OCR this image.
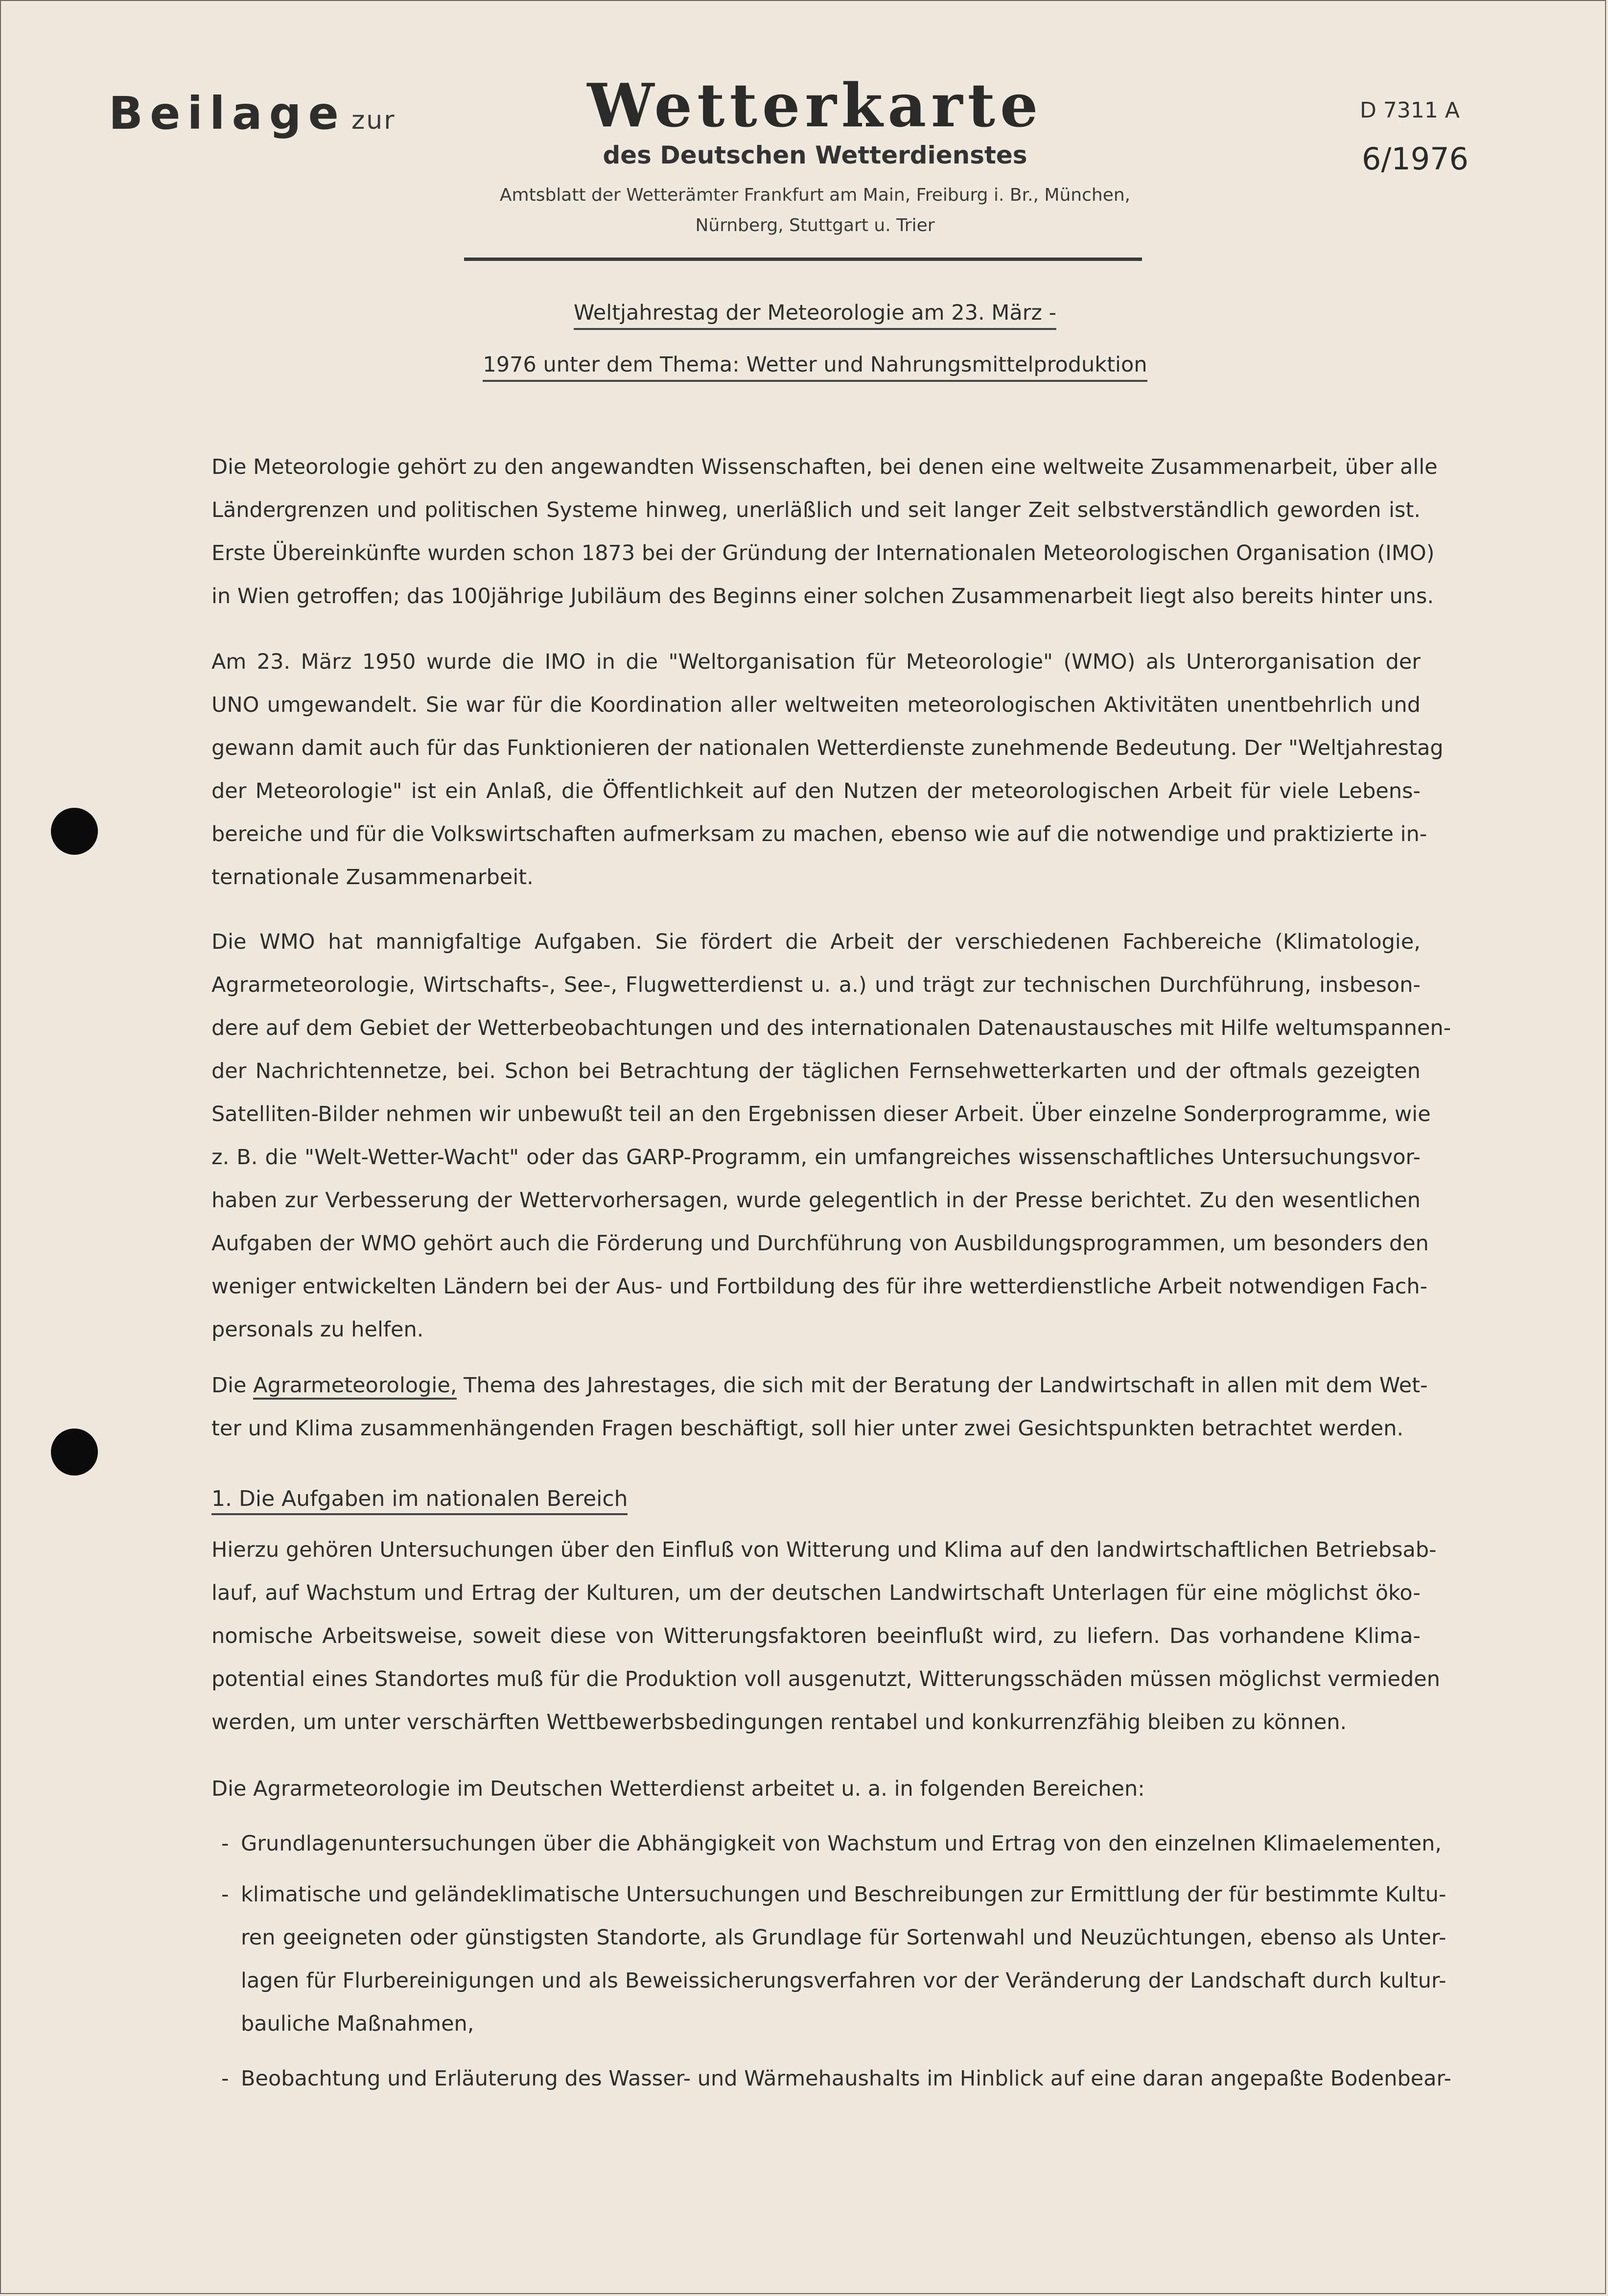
Beilage zur	Wetterkarte
des Deutschen Wetterdienstes
Amtsblatt der Wetterämter Frankfurt am Main, Freiburg i. Br., München,
Nürnberg, Stuttgart u. Trier
D 7311 A
6/1976
Weltjahrestag der Meteorologie am 23. März -
1976 unter dem Thema: Wetter und Nahrungsmittelproduktion
Die Meteorologie gehört zu den angewandten Wissenschaften, bei denen eine weltweite Zusammenarbeit, über alle
Ländergrenzen und politischen Systeme hinweg, unerläßlich und seit langer Zeit selbstverständlich geworden ist.
Erste Übereinkünfte wurden schon 1873 bei der Gründung der Internationalen Meteorologischen Organisation (IMO)
in Wien getroffen; das 100jährige Jubiläum des Beginns einer solchen Zusammenarbeit liegt also bereits hinter uns.
Am 23. März 1950 wurde die IMO in die "Weltorganisation für Meteorologie" (WMO) als Unterorganisation der
UNO umgewandelt. Sie war für die Koordination aller weltweiten meteorologischen Aktivitäten unentbehrlich und
gewann damit auch für das Funktionieren der nationalen Wetterdienste zunehmende Bedeutung. Der "Weltjahrestag
der Meteorologie" ist ein Anlaß, die Öffentlichkeit auf den Nutzen der meteorologischen Arbeit für viele Lebens-
bereiche und für die Volkswirtschaften aufmerksam zu machen, ebenso wie auf die notwendige und praktizierte in-
ternationale Zusammenarbeit.
Die WMO hat mannigfaltige Aufgaben. Sie fördert die Arbeit der verschiedenen Fachbereiche (Klimatologie,
Agrarmeteorologie, Wirtschafts-, See-, Flugwetterdienst u. a.) und trägt zur technischen Durchführung, insbeson-
dere auf dem Gebiet der Wetterbeobachtungen und des internationalen Datenaustausches mit Hilfe weltumspannen-
der Nachrichtennetze, bei. Schon bei Betrachtung der täglichen Fernsehwetterkarten und der oftmals gezeigten
Satelliten-Bilder nehmen wir unbewußt teil an den Ergebnissen dieser Arbeit. Über einzelne Sonderprogramme, wie
z. B. die "Welt-Wetter-Wacht" oder das GARP-Programm, ein umfangreiches wissenschaftliches Untersuchungsvor-
haben zur Verbesserung der Wettervorhersagen, wurde gelegentlich in der Presse berichtet. Zu den wesentlichen
Aufgaben der WMO gehört auch die Förderung und Durchführung von Ausbildungsprogrammen, um besonders den
weniger entwickelten Ländern bei der Aus- und Fortbildung des für ihre wetterdienstliche Arbeit notwendigen Fach-
personals zu helfen.
Die Agrarmeteorologie, Thema des Jahrestages, die sich mit der Beratung der Landwirtschaft in allen mit dem Wet-
ter und Klima zusammenhängenden Fragen beschäftigt, soll hier unter zwei Gesichtspunkten betrachtet werden.
1. Die Aufgaben im nationalen Bereich
Hierzu gehören Untersuchungen über den Einfluß von Witterung und Klima auf den landwirtschaftlichen Betriebsab-
lauf, auf Wachstum und Ertrag der Kulturen, um der deutschen Landwirtschaft Unterlagen für eine möglichst öko-
nomische Arbeitsweise, soweit diese von Witterungsfaktoren beeinflußt wird, zu liefern. Das vorhandene Klima-
potential eines Standortes muß für die Produktion voll ausgenutzt, Witterungsschäden müssen möglichst vermieden
werden, um unter verschärften Wettbewerbsbedingungen rentabel und konkurrenzfähig bleiben zu können.
Die Agrarmeteorologie im Deutschen Wetterdienst arbeitet u. a. in folgenden Bereichen:
- Grundlagenuntersuchungen über die Abhängigkeit von Wachstum und Ertrag von den einzelnen Klimaelementen,
- klimatische und geländeklimatische Untersuchungen und Beschreibungen zur Ermittlung der für bestimmte Kultu-
ren geeigneten oder günstigsten Standorte, als Grundlage für Sortenwahl und Neuzüchtungen, ebenso als Unter-
lagen für Flurbereinigungen und als Beweissicherungsverfahren vor der Veränderung der Landschaft durch kultur-
bauliche Maßnahmen,
- Beobachtung und Erläuterung des Wasser- und Wärmehaushalts im Hinblick auf eine daran angepaßte Bodenbear-
